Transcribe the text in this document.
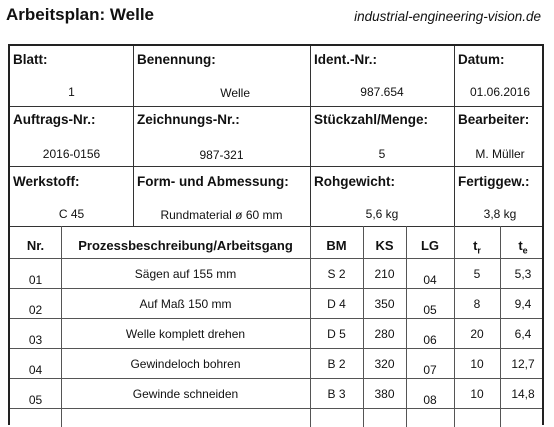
Arbeitsplan: Welle	industrial-engineering-vision.de
Blatt:
1
Benennung:
Welle
Ident.-Nr.:
987.654
Datum:
01.06.2016
Auftrags-Nr.:
2016-0156
Zeichnungs-Nr.:
987-321
Stückzahl/Menge:
5
Bearbeiter:
M. Müller
Werkstoff:
C 45
Form- und Abmessung:
Rundmaterial ø 60 mm
Rohgewicht:
5,6 kg
Fertiggew.:
3,8 kg
Nr.	Prozessbeschreibung/Arbeitsgang	BM	KS	LG	$t_r$	$t_e$
01	Sägen auf 155 mm	S 2	210	04	5	5,3
02	Auf Maß 150 mm	D 4	350	05	8	9,4
03	Welle komplett drehen	D 5	280	06	20	6,4
04	Gewindeloch bohren	B 2	320	07	10	12,7
05	Gewinde schneiden	B 3	380	08	10	14,8
